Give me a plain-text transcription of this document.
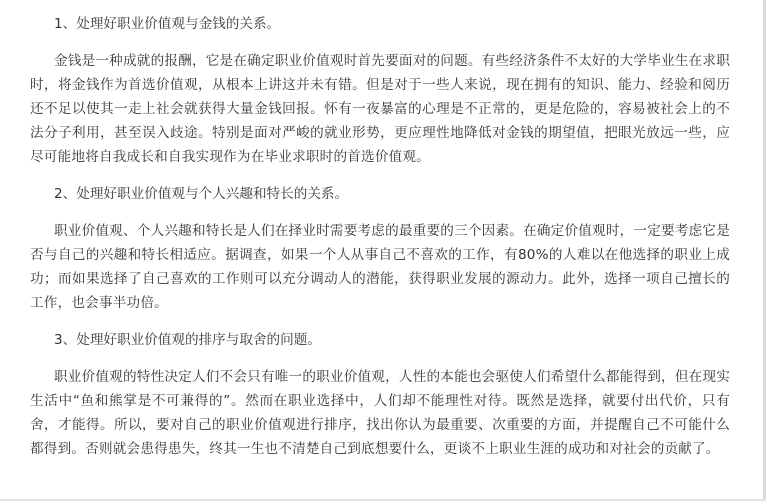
1、处理好职业价值观与金钱的关系。

金钱是一种成就的报酬，它是在确定职业价值观时首先要面对的问题。有些经济条件不太好的大学毕业生在求职时，将金钱作为首选价值观，从根本上讲这并未有错。但是对于一些人来说，现在拥有的知识、能力、经验和阅历还不足以使其一走上社会就获得大量金钱回报。怀有一夜暴富的心理是不正常的，更是危险的，容易被社会上的不法分子利用，甚至误入歧途。特别是面对严峻的就业形势，更应理性地降低对金钱的期望值，把眼光放远一些，应尽可能地将自我成长和自我实现作为在毕业求职时的首选价值观。

2、处理好职业价值观与个人兴趣和特长的关系。

职业价值观、个人兴趣和特长是人们在择业时需要考虑的最重要的三个因素。在确定价值观时，一定要考虑它是否与自己的兴趣和特长相适应。据调查，如果一个人从事自己不喜欢的工作，有80%的人难以在他选择的职业上成功；而如果选择了自己喜欢的工作则可以充分调动人的潜能，获得职业发展的源动力。此外，选择一项自己擅长的工作，也会事半功倍。

3、处理好职业价值观的排序与取舍的问题。

职业价值观的特性决定人们不会只有唯一的职业价值观，人性的本能也会驱使人们希望什么都能得到，但在现实生活中“鱼和熊掌是不可兼得的”。然而在职业选择中，人们却不能理性对待。既然是选择，就要付出代价，只有舍，才能得。所以，要对自己的职业价值观进行排序，找出你认为最重要、次重要的方面，并提醒自己不可能什么都得到。否则就会患得患失，终其一生也不清楚自己到底想要什么，更谈不上职业生涯的成功和对社会的贡献了。
